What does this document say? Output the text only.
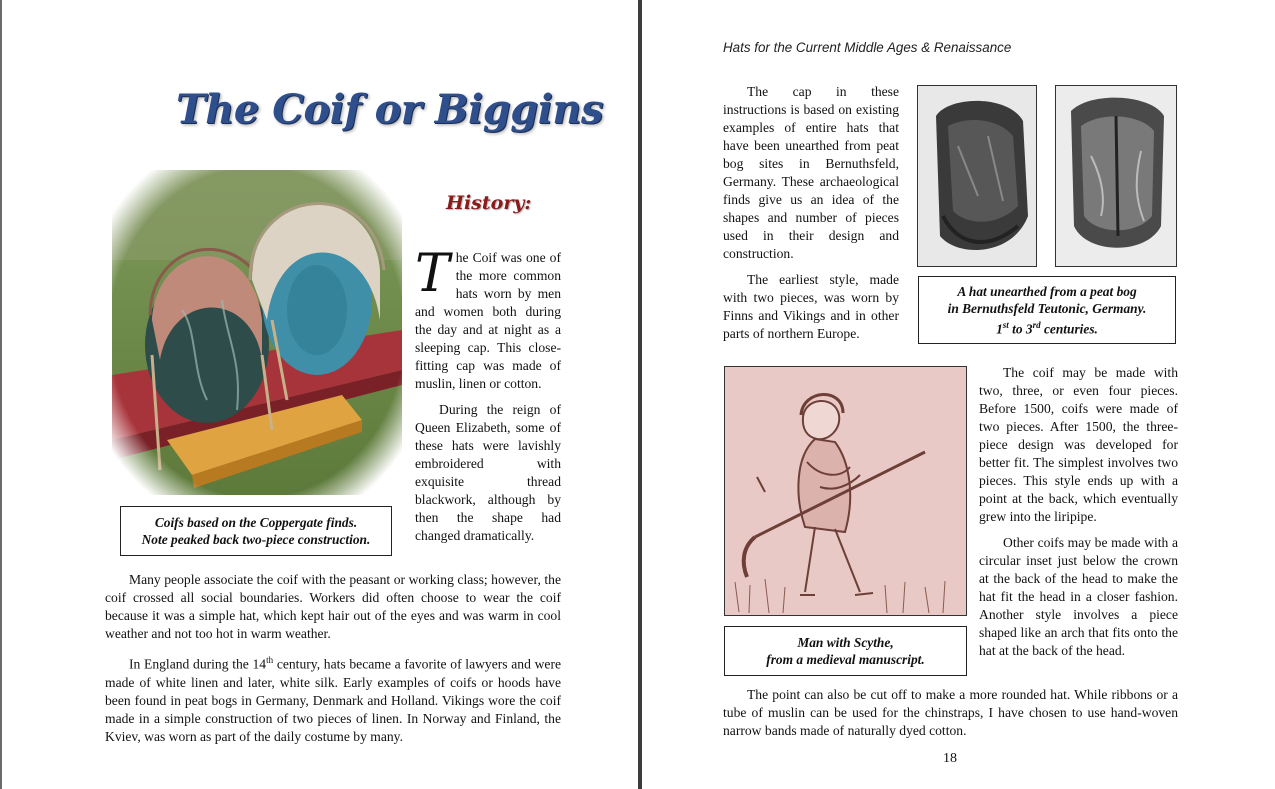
The Coif or Biggins
Coifs based on the Coppergate finds.
Note peaked back two-piece construction.
History:

The Coif was one of the more common hats worn by men and women both during the day and at night as a sleeping cap. This close-fitting cap was made of muslin, linen or cotton.

During the reign of Queen Elizabeth, some of these hats were lavishly embroidered with exquisite thread blackwork, although by then the shape had changed dramatically.

Many people associate the coif with the peasant or working class; however, the coif crossed all social boundaries. Workers did often choose to wear the coif because it was a simple hat, which kept hair out of the eyes and was warm in cool weather and not too hot in warm weather.

In England during the 14th century, hats became a favorite of lawyers and were made of white linen and later, white silk. Early examples of coifs or hoods have been found in peat bogs in Germany, Denmark and Holland. Vikings wore the coif made in a simple construction of two pieces of linen. In Norway and Finland, the Kviev, was worn as part of the daily costume by many.

Hats for the Current Middle Ages & Renaissance

The cap in these instructions is based on existing examples of entire hats that have been unearthed from peat bog sites in Bernuthsfeld, Germany. These archaeological finds give us an idea of the shapes and number of pieces used in their design and construction.

The earliest style, made with two pieces, was worn by Finns and Vikings and in other parts of northern Europe.

A hat unearthed from a peat bog
in Bernuthsfeld Teutonic, Germany.
1st to 3rd centuries.
Man with Scythe,
from a medieval manuscript.

The coif may be made with two, three, or even four pieces. Before 1500, coifs were made of two pieces. After 1500, the three-piece design was developed for better fit. The simplest involves two pieces. This style ends up with a point at the back, which eventually grew into the liripipe.

Other coifs may be made with a circular inset just below the crown at the back of the head to make the hat fit the head in a closer fashion. Another style involves a piece shaped like an arch that fits onto the hat at the back of the head.

The point can also be cut off to make a more rounded hat. While ribbons or a tube of muslin can be used for the chinstraps, I have chosen to use hand-woven narrow bands made of naturally dyed cotton.

18
